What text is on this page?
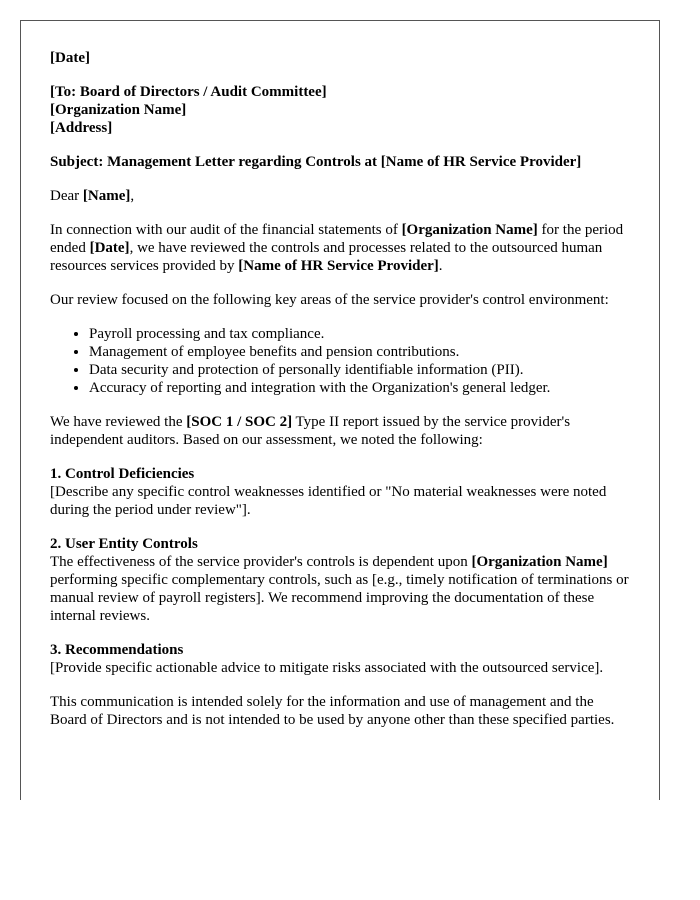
[Date]

[To: Board of Directors / Audit Committee]

[Organization Name]

[Address]

Subject: Management Letter regarding Controls at [Name of HR Service Provider]

Dear [Name],

In connection with our audit of the financial statements of [Organization Name] for the period ended [Date], we have reviewed the controls and processes related to the outsourced human resources services provided by [Name of HR Service Provider].

Our review focused on the following key areas of the service provider's control environment:

• Payroll processing and tax compliance.
• Management of employee benefits and pension contributions.
• Data security and protection of personally identifiable information (PII).
• Accuracy of reporting and integration with the Organization's general ledger.

We have reviewed the [SOC 1 / SOC 2] Type II report issued by the service provider's independent auditors. Based on our assessment, we noted the following:

1. Control Deficiencies
[Describe any specific control weaknesses identified or "No material weaknesses were noted during the period under review"].

2. User Entity Controls
The effectiveness of the service provider's controls is dependent upon [Organization Name] performing specific complementary controls, such as [e.g., timely notification of terminations or manual review of payroll registers]. We recommend improving the documentation of these internal reviews.

3. Recommendations
[Provide specific actionable advice to mitigate risks associated with the outsourced service].

This communication is intended solely for the information and use of management and the Board of Directors and is not intended to be used by anyone other than these specified parties.
